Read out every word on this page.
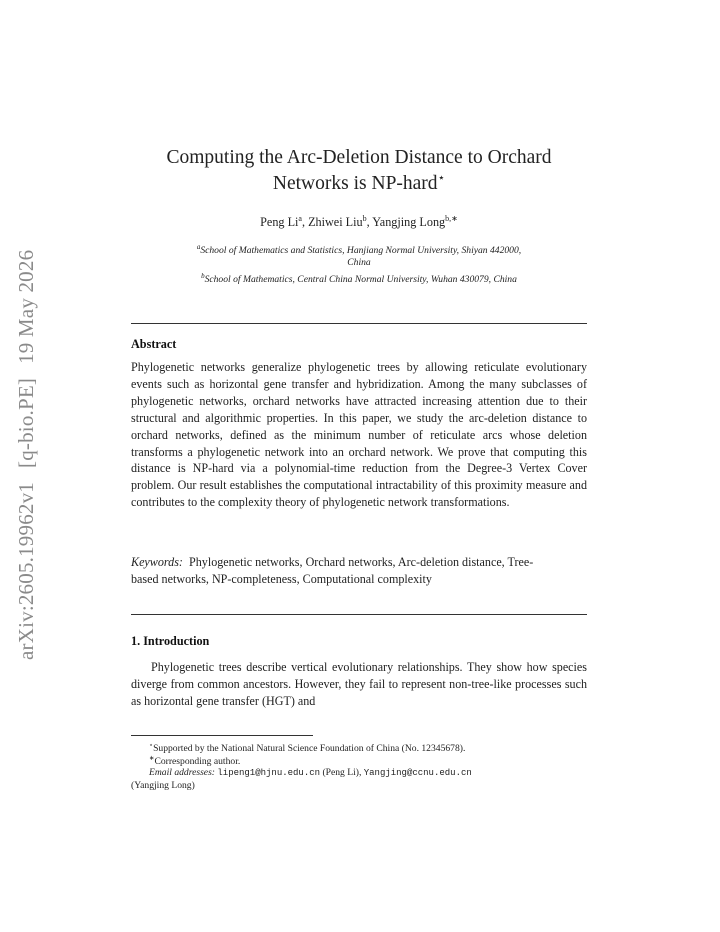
arXiv:2605.19962v1[q-bio.PE]19 May 2026
Computing the Arc-Deletion Distance to Orchard
Networks is NP-hard⋆
Peng Li$^a$, Zhiwei Liu$^b$, Yangjing Long$^{b,∗}$
$^a$School of Mathematics and Statistics, Hanjiang Normal University, Shiyan 442000,
China
$^b$School of Mathematics, Central China Normal University, Wuhan 430079, China
Abstract

Phylogenetic networks generalize phylogenetic trees by allowing reticulate evolutionary events such as horizontal gene transfer and hybridization. Among the many subclasses of phylogenetic networks, orchard networks have attracted increasing attention due to their structural and algorithmic properties. In this paper, we study the arc-deletion distance to orchard networks, defined as the minimum number of reticulate arcs whose deletion transforms a phylogenetic network into an orchard network. We prove that computing this distance is NP-hard via a polynomial-time reduction from the Degree-3 Vertex Cover problem. Our result establishes the computational intractability of this proximity measure and contributes to the complexity theory of phylogenetic network transformations.

Keywords: Phylogenetic networks, Orchard networks, Arc-deletion distance, Tree-based networks, NP-completeness, Computational complexity

1. Introduction

Phylogenetic trees describe vertical evolutionary relationships. They show how species diverge from common ancestors. However, they fail to represent non-tree-like processes such as horizontal gene transfer (HGT) and

⋆Supported by the National Natural Science Foundation of China (No. 12345678).
∗Corresponding author.
Email addresses: lipeng1@hjnu.edu.cn (Peng Li), Yangjing@ccnu.edu.cn
(Yangjing Long)
